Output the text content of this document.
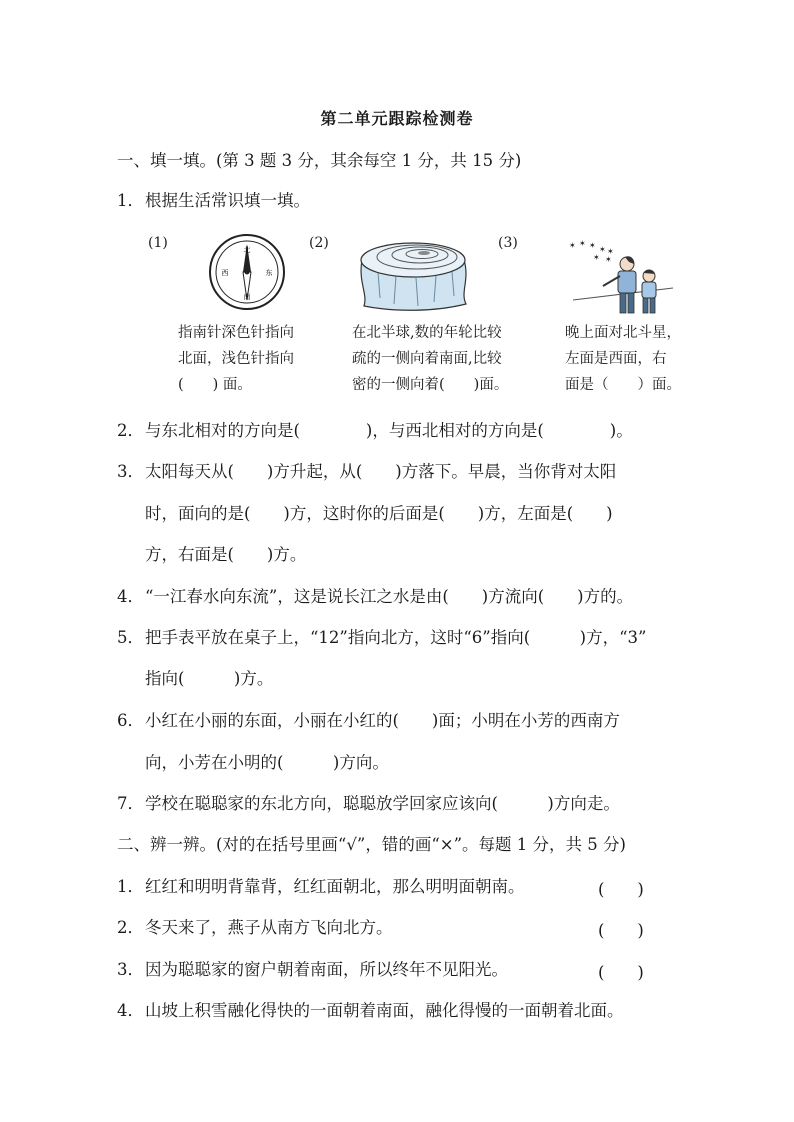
第二单元跟踪检测卷
一、填一填。(第 3 题 3 分，其余每空 1 分，共 15 分)
1．根据生活常识填一填。
(1)	北
东
南
西
指南针深色针指向
北面，浅色针指向
(　　) 面。
(2)
在北半球,数的年轮比较
疏的一侧向着南面,比较
密的一侧向着(　　)面。
(3)	✶ ✶ ✶ ✶
✶ ✶
✶
晚上面对北斗星，
左面是西面，右
面是（　　）面。
2．与东北相对的方向是(　　　　)，与西北相对的方向是(　　　　)。
3．太阳每天从(　　)方升起，从(　　)方落下。早晨，当你背对太阳
时，面向的是(　　)方，这时你的后面是(　　)方，左面是(　　)
方，右面是(　　)方。
4．“一江春水向东流”，这是说长江之水是由(　　)方流向(　　)方的。
5．把手表平放在桌子上，“12”指向北方，这时“6”指向(　　　)方，“3”
指向(　　　)方。
6．小红在小丽的东面，小丽在小红的(　　)面；小明在小芳的西南方
向，小芳在小明的(　　　)方向。
7．学校在聪聪家的东北方向，聪聪放学回家应该向(　　　)方向走。
二、辨一辨。(对的在括号里画“√”，错的画“×”。每题 1 分，共 5 分)
1．红红和明明背靠背，红红面朝北，那么明明面朝南。	(　　)
2．冬天来了，燕子从南方飞向北方。	(　　)
3．因为聪聪家的窗户朝着南面，所以终年不见阳光。	(　　)
4．山坡上积雪融化得快的一面朝着南面，融化得慢的一面朝着北面。
